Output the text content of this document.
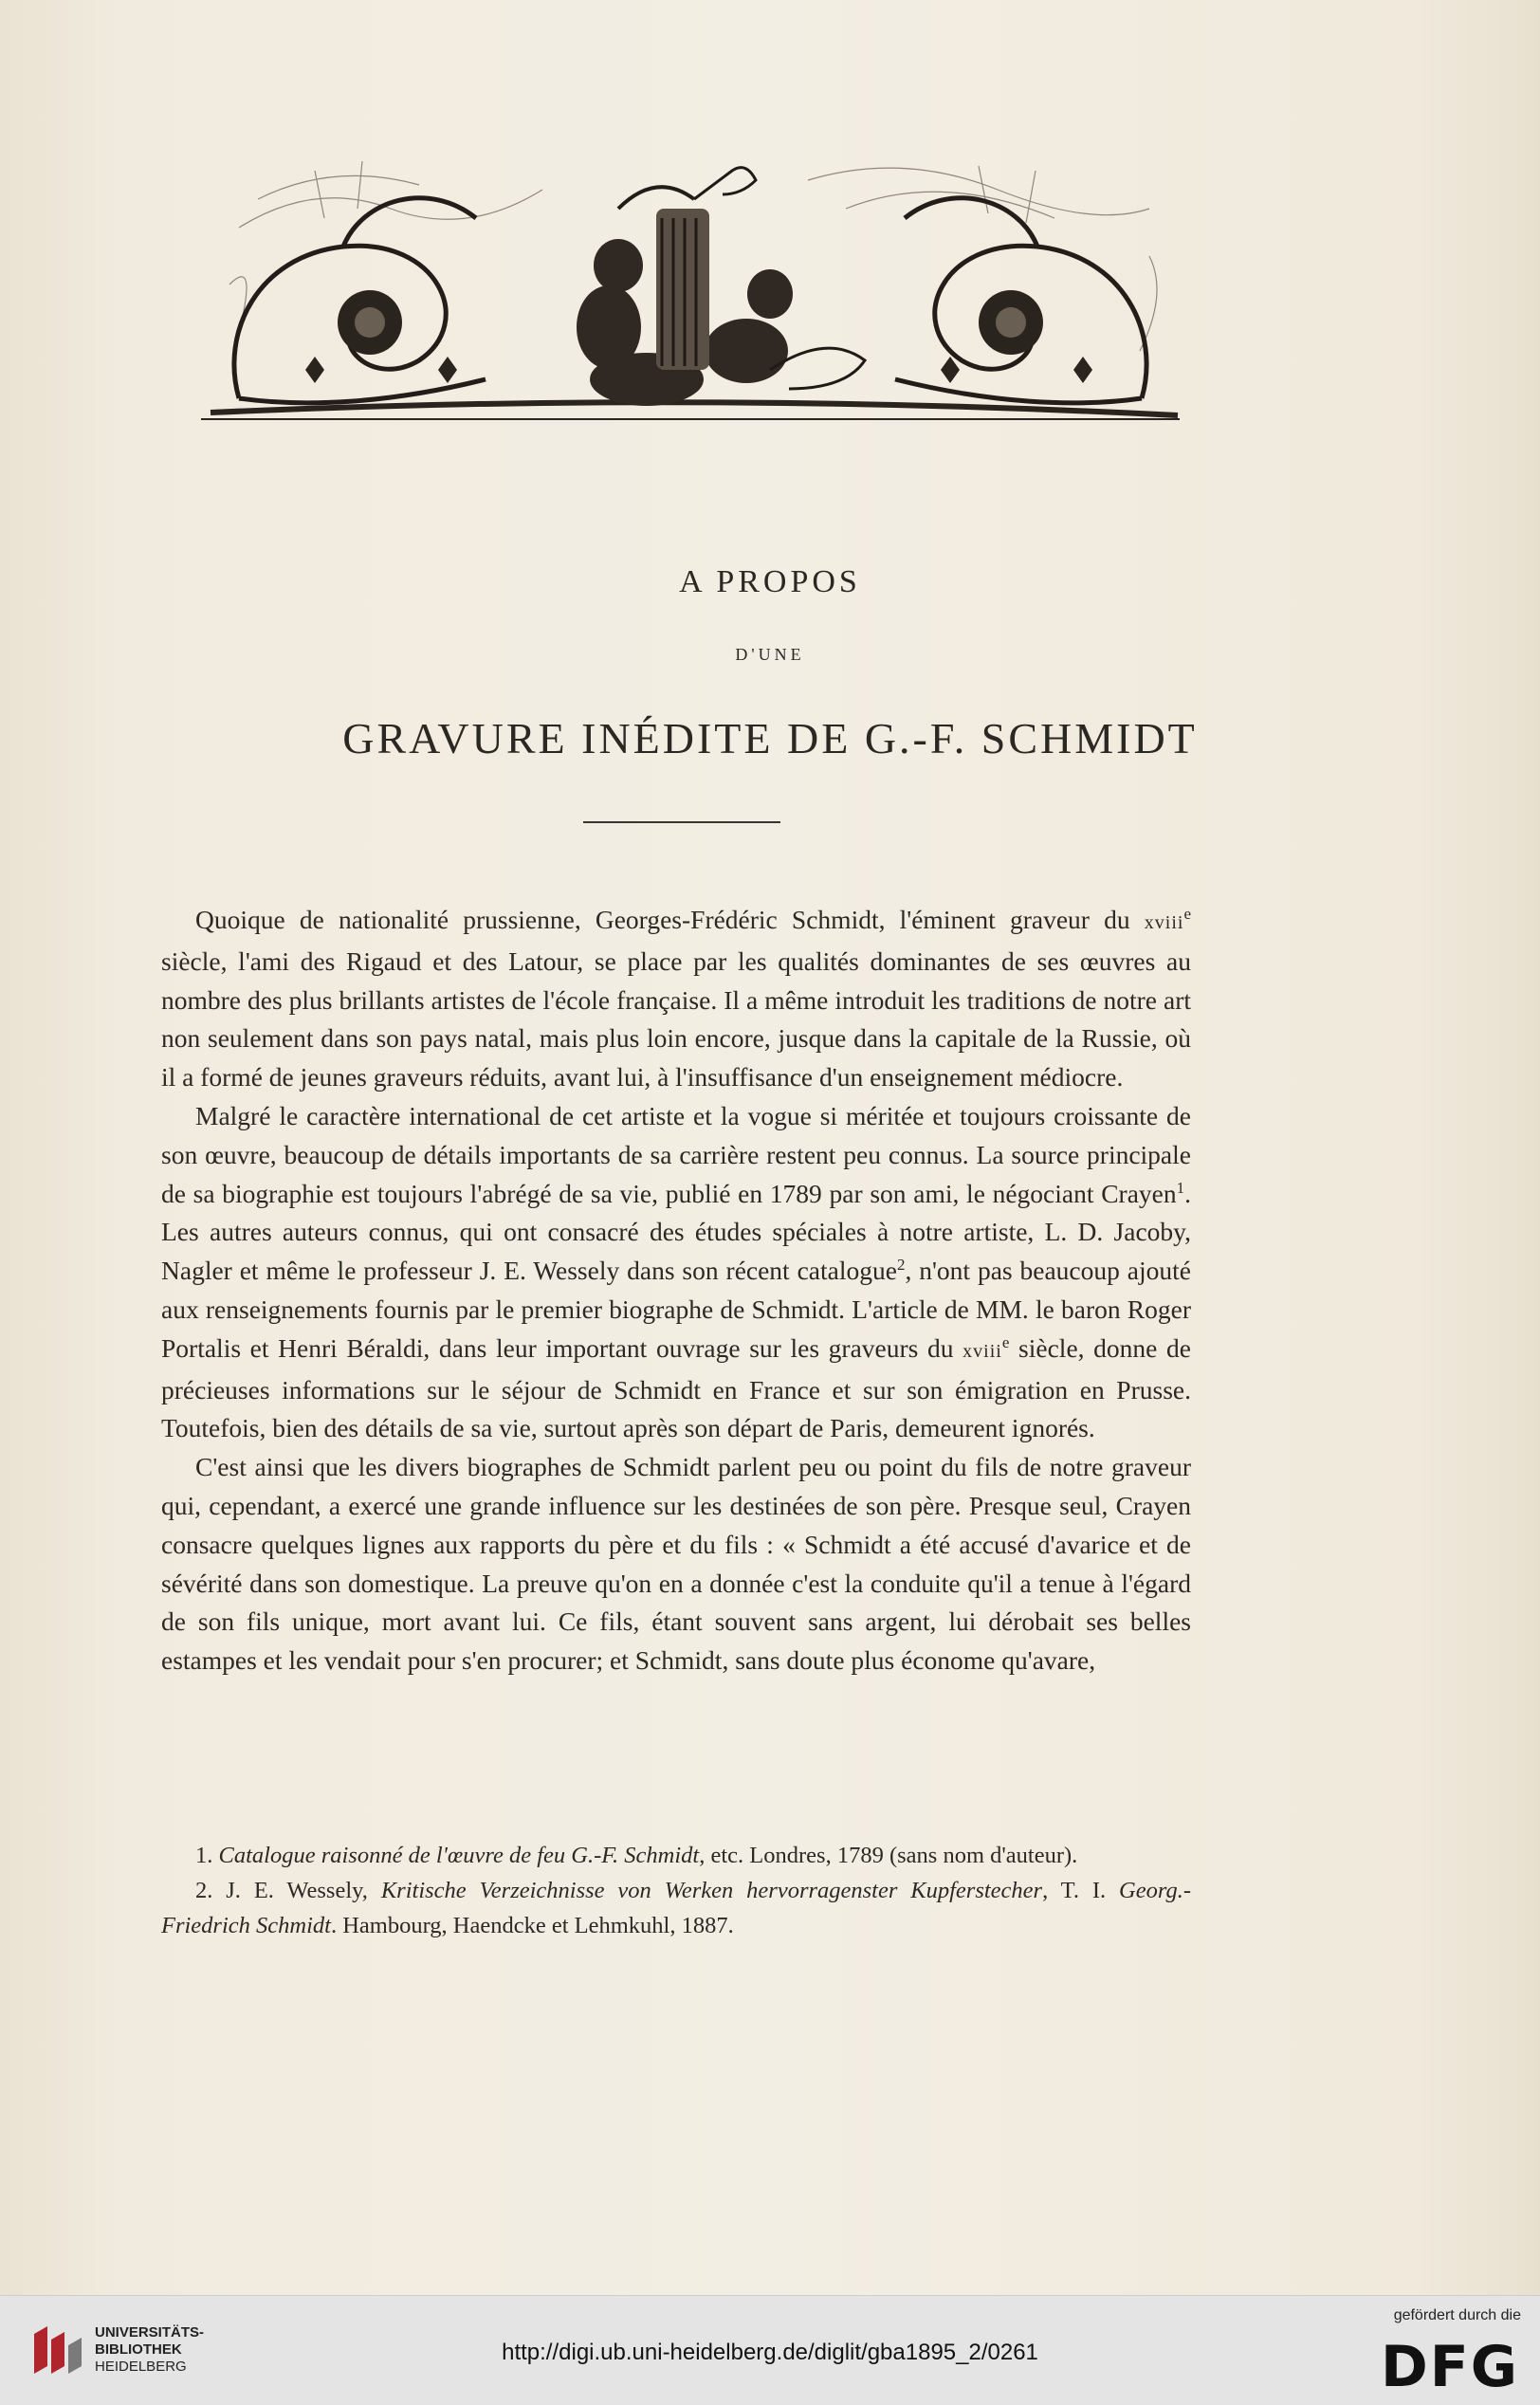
A PROPOS
D'UNE
GRAVURE INÉDITE DE G.-F. SCHMIDT

Quoique de nationalité prussienne, Georges-Frédéric Schmidt, l'éminent graveur du xviii$^e$ siècle, l'ami des Rigaud et des Latour, se place par les qualités dominantes de ses œuvres au nombre des plus brillants artistes de l'école française. Il a même introduit les traditions de notre art non seulement dans son pays natal, mais plus loin encore, jusque dans la capitale de la Russie, où il a formé de jeunes graveurs réduits, avant lui, à l'insuffisance d'un enseignement médiocre.

Malgré le caractère international de cet artiste et la vogue si méritée et toujours croissante de son œuvre, beaucoup de détails importants de sa carrière restent peu connus. La source principale de sa biographie est toujours l'abrégé de sa vie, publié en 1789 par son ami, le négociant Crayen$^1$. Les autres auteurs connus, qui ont consacré des études spéciales à notre artiste, L. D. Jacoby, Nagler et même le professeur J. E. Wessely dans son récent catalogue$^2$, n'ont pas beaucoup ajouté aux renseignements fournis par le premier biographe de Schmidt. L'article de MM. le baron Roger Portalis et Henri Béraldi, dans leur important ouvrage sur les graveurs du xviii$^e$ siècle, donne de précieuses informations sur le séjour de Schmidt en France et sur son émigration en Prusse. Toutefois, bien des détails de sa vie, surtout après son départ de Paris, demeurent ignorés.

C'est ainsi que les divers biographes de Schmidt parlent peu ou point du fils de notre graveur qui, cependant, a exercé une grande influence sur les destinées de son père. Presque seul, Crayen consacre quelques lignes aux rapports du père et du fils : « Schmidt a été accusé d'avarice et de sévérité dans son domestique. La preuve qu'on en a donnée c'est la conduite qu'il a tenue à l'égard de son fils unique, mort avant lui. Ce fils, étant souvent sans argent, lui dérobait ses belles estampes et les vendait pour s'en procurer; et Schmidt, sans doute plus économe qu'avare,

1. Catalogue raisonné de l'œuvre de feu G.-F. Schmidt, etc. Londres, 1789 (sans nom d'auteur).

2. J. E. Wessely, Kritische Verzeichnisse von Werken hervorragenster Kupferstecher, T. I. Georg.-Friedrich Schmidt. Hambourg, Haendcke et Lehmkuhl, 1887.

UNIVERSITÄTS-
BIBLIOTHEK
HEIDELBERG
http://digi.ub.uni-heidelberg.de/diglit/gba1895_2/0261
gefördert durch die
DFG
